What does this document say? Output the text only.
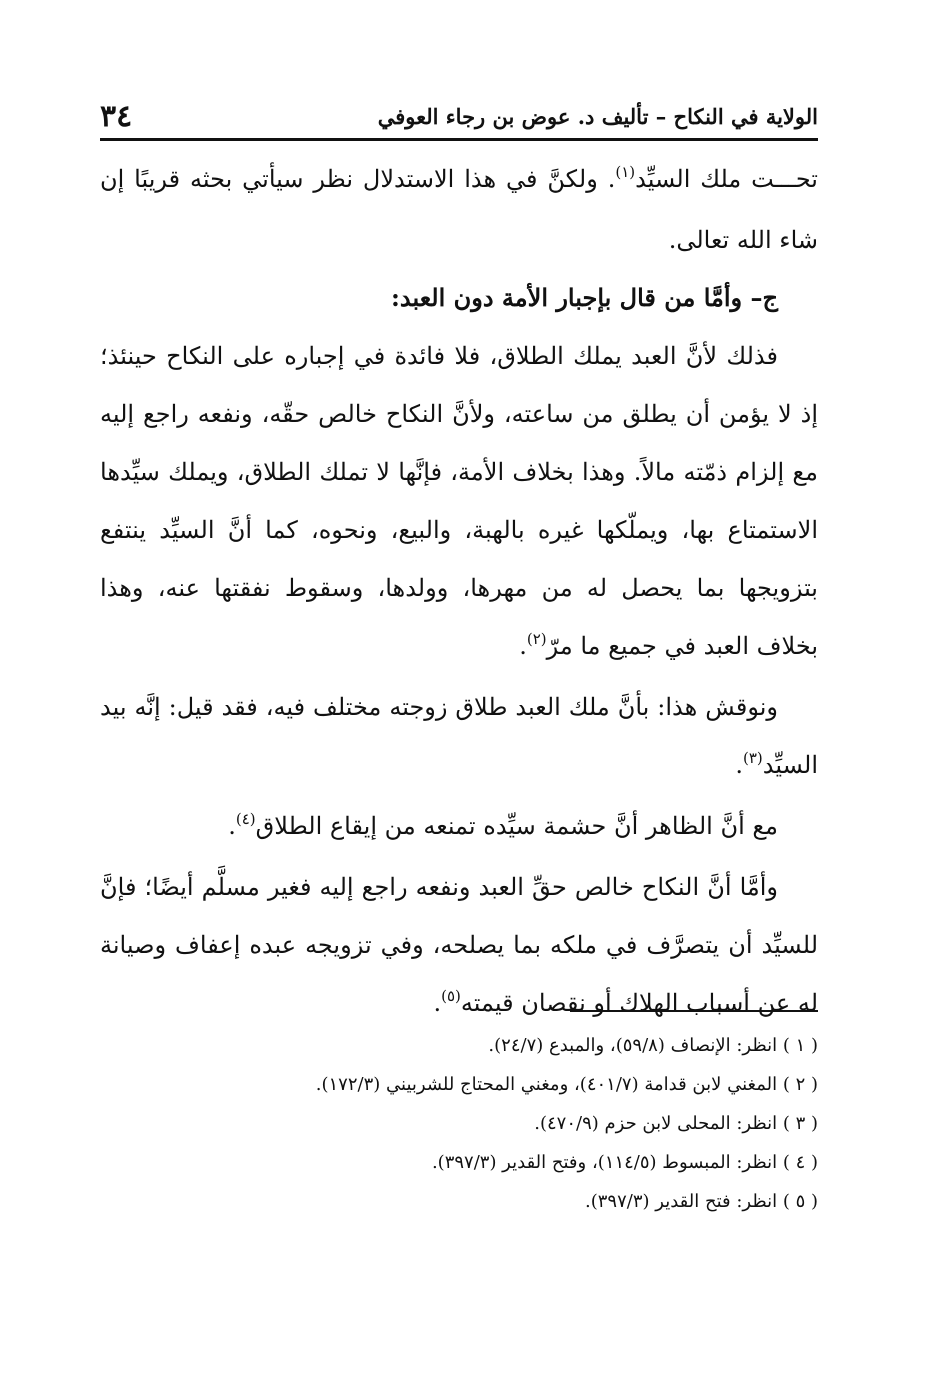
٣٤	الولاية في النكاح – تأليف د. عوض بن رجاء العوفي

تحـــت ملك السيِّد$^{(١)}$. ولكنَّ في هذا الاستدلال نظر سيأتي بحثه قريبًا إن شاء الله تعالى.

ج– وأمَّا من قال بإجبار الأمة دون العبد:

فذلك لأنَّ العبد يملك الطلاق، فلا فائدة في إجباره على النكاح حينئذ؛ إذ لا يؤمن أن يطلق من ساعته، ولأنَّ النكاح خالص حقّه، ونفعه راجع إليه مع إلزام ذمّته مالاً. وهذا بخلاف الأمة، فإنَّها لا تملك الطلاق، ويملك سيِّدها الاستمتاع بها، ويملّكها غيره بالهبة، والبيع، ونحوه، كما أنَّ السيِّد ينتفع بتزويجها بما يحصل له من مهرها، وولدها، وسقوط نفقتها عنه، وهذا بخلاف العبد في جميع ما مرّ$^{(٢)}$.

ونوقش هذا: بأنَّ ملك العبد طلاق زوجته مختلف فيه، فقد قيل: إنَّه بيد السيِّد$^{(٣)}$.

مع أنَّ الظاهر أنَّ حشمة سيِّده تمنعه من إيقاع الطلاق$^{(٤)}$.

وأمَّا أنَّ النكاح خالص حقِّ العبد ونفعه راجع إليه فغير مسلَّم أيضًا؛ فإنَّ للسيِّد أن يتصرَّف في ملكه بما يصلحه، وفي تزويجه عبده إعفاف وصيانة له عن أسباب الهلاك أو نقصان قيمته$^{(٥)}$.

( ١ ) انظر: الإنصاف (٥٩/٨)، والمبدع (٢٤/٧).

( ٢ ) المغني لابن قدامة (٤٠١/٧)، ومغني المحتاج للشربيني (١٧٢/٣).

( ٣ ) انظر: المحلى لابن حزم (٤٧٠/٩).

( ٤ ) انظر: المبسوط (١١٤/٥)، وفتح القدير (٣٩٧/٣).

( ٥ ) انظر: فتح القدير (٣٩٧/٣).
